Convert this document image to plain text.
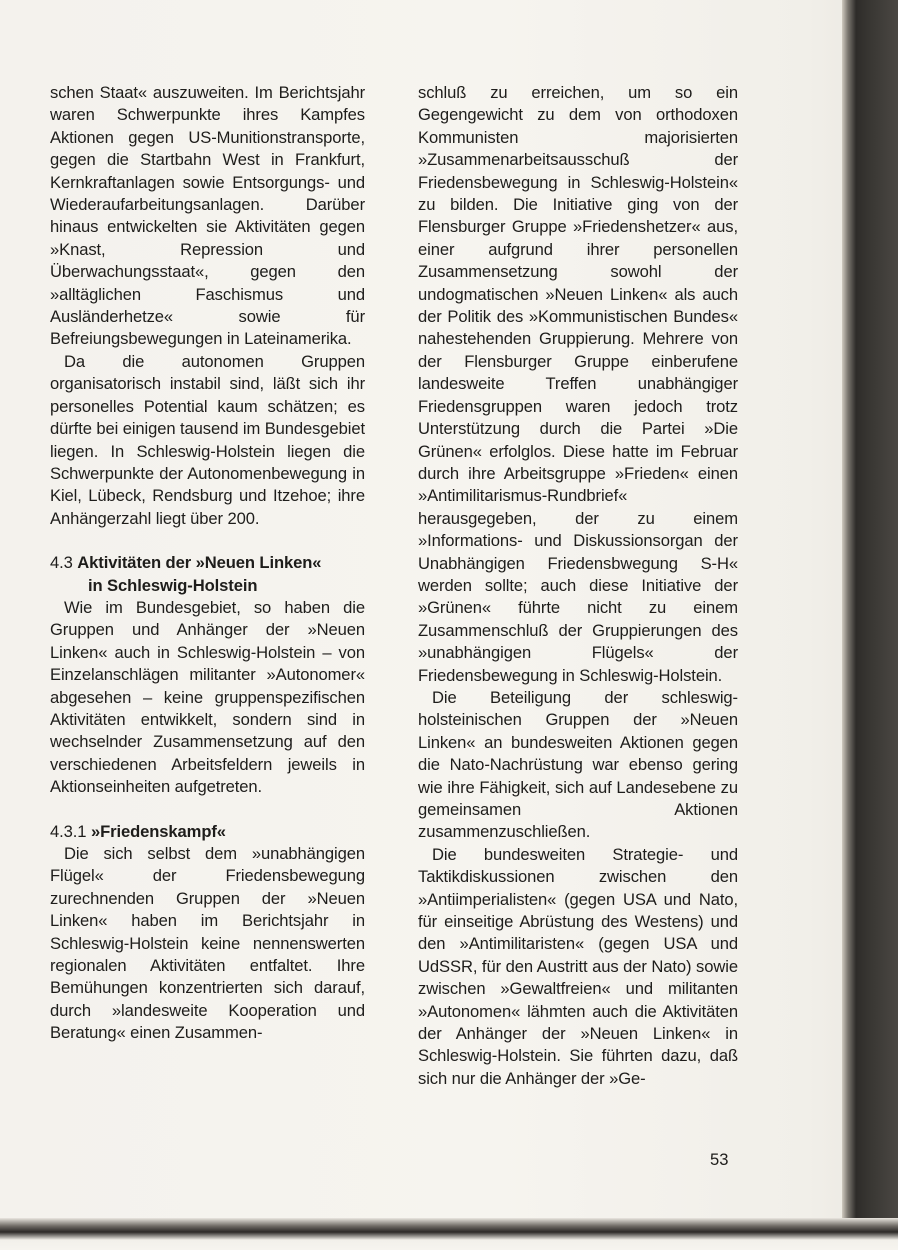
schen Staat« auszuweiten. Im Berichtsjahr waren Schwerpunkte ihres Kampfes Aktionen gegen US-Munitionstransporte, gegen die Startbahn West in Frankfurt, Kernkraftanlagen sowie Entsorgungs- und Wiederaufarbeitungsanlagen. Darüber hinaus entwickelten sie Aktivitäten gegen »Knast, Repression und Überwachungsstaat«, gegen den »alltäglichen Faschismus und Ausländerhetze« sowie für Befreiungsbewegungen in Lateinamerika.

Da die autonomen Gruppen organisatorisch instabil sind, läßt sich ihr personelles Potential kaum schätzen; es dürfte bei einigen tausend im Bundesgebiet liegen. In Schleswig-Holstein liegen die Schwerpunkte der Autonomenbewegung in Kiel, Lübeck, Rendsburg und Itzehoe; ihre Anhängerzahl liegt über 200.

4.3 Aktivitäten der »Neuen Linken«
in Schleswig-Holstein

Wie im Bundesgebiet, so haben die Gruppen und Anhänger der »Neuen Linken« auch in Schleswig-Holstein – von Einzelanschlägen militanter »Autonomer« abgesehen – keine gruppenspezifischen Aktivitäten entwikkelt, sondern sind in wechselnder Zusammensetzung auf den verschiedenen Arbeitsfeldern jeweils in Aktionseinheiten aufgetreten.

4.3.1 »Friedenskampf«

Die sich selbst dem »unabhängigen Flügel« der Friedensbewegung zurechnenden Gruppen der »Neuen Linken« haben im Berichtsjahr in Schleswig-Holstein keine nennenswerten regionalen Aktivitäten entfaltet. Ihre Bemühungen konzentrierten sich darauf, durch »landesweite Kooperation und Beratung« einen Zusammen-

schluß zu erreichen, um so ein Gegengewicht zu dem von orthodoxen Kommunisten majorisierten »Zusammenarbeitsausschuß der Friedensbewegung in Schleswig-Holstein« zu bilden. Die Initiative ging von der Flensburger Gruppe »Friedenshetzer« aus, einer aufgrund ihrer personellen Zusammensetzung sowohl der undogmatischen »Neuen Linken« als auch der Politik des »Kommunistischen Bundes« nahestehenden Gruppierung. Mehrere von der Flensburger Gruppe einberufene landesweite Treffen unabhängiger Friedensgruppen waren jedoch trotz Unterstützung durch die Partei »Die Grünen« erfolglos. Diese hatte im Februar durch ihre Arbeitsgruppe »Frieden« einen »Antimilitarismus-Rundbrief« herausgegeben, der zu einem »Informations- und Diskussionsorgan der Unabhängigen Friedensbwegung S-H« werden sollte; auch diese Initiative der »Grünen« führte nicht zu einem Zusammenschluß der Gruppierungen des »unabhängigen Flügels« der Friedensbewegung in Schleswig-Holstein.

Die Beteiligung der schleswig-holsteinischen Gruppen der »Neuen Linken« an bundesweiten Aktionen gegen die Nato-Nachrüstung war ebenso gering wie ihre Fähigkeit, sich auf Landesebene zu gemeinsamen Aktionen zusammenzuschließen.

Die bundesweiten Strategie- und Taktikdiskussionen zwischen den »Antiimperialisten« (gegen USA und Nato, für einseitige Abrüstung des Westens) und den »Antimilitaristen« (gegen USA und UdSSR, für den Austritt aus der Nato) sowie zwischen »Gewaltfreien« und militanten »Autonomen« lähmten auch die Aktivitäten der Anhänger der »Neuen Linken« in Schleswig-Holstein. Sie führten dazu, daß sich nur die Anhänger der »Ge-

53
